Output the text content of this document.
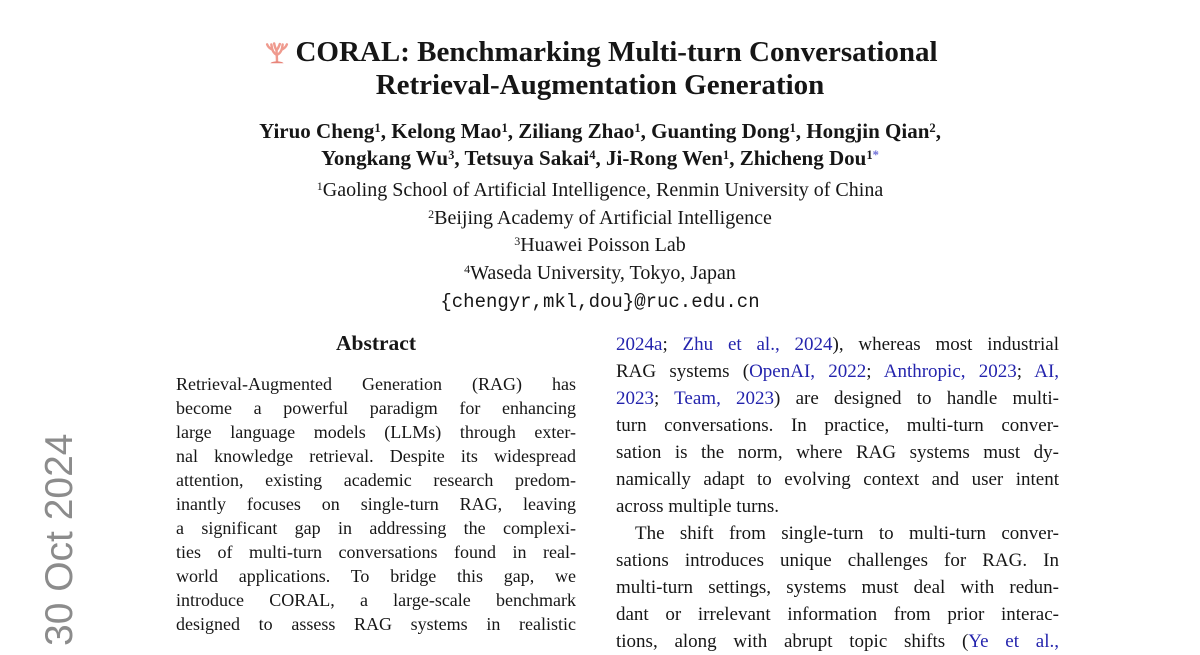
30 Oct 2024
CORAL: Benchmarking Multi-turn Conversational
Retrieval-Augmentation Generation
Yiruo Cheng$^1$, Kelong Mao$^1$, Ziliang Zhao$^1$, Guanting Dong$^1$, Hongjin Qian$^2$,
Yongkang Wu$^3$, Tetsuya Sakai$^4$, Ji-Rong Wen$^1$, Zhicheng Dou$^{1*}$
$^1$Gaoling School of Artificial Intelligence, Renmin University of China
$^2$Beijing Academy of Artificial Intelligence
$^3$Huawei Poisson Lab
$^4$Waseda University, Tokyo, Japan
{chengyr,mkl,dou}@ruc.edu.cn
Abstract
Retrieval-Augmented Generation (RAG) has
become a powerful paradigm for enhancing
large language models (LLMs) through exter-
nal knowledge retrieval. Despite its widespread
attention, existing academic research predom-
inantly focuses on single-turn RAG, leaving
a significant gap in addressing the complexi-
ties of multi-turn conversations found in real-
world applications. To bridge this gap, we
introduce CORAL, a large-scale benchmark
designed to assess RAG systems in realistic
2024a; Zhu et al., 2024), whereas most industrial
RAG systems (OpenAI, 2022; Anthropic, 2023; AI,
2023; Team, 2023) are designed to handle multi-
turn conversations. In practice, multi-turn conver-
sation is the norm, where RAG systems must dy-
namically adapt to evolving context and user intent
across multiple turns.
The shift from single-turn to multi-turn conver-
sations introduces unique challenges for RAG. In
multi-turn settings, systems must deal with redun-
dant or irrelevant information from prior interac-
tions, along with abrupt topic shifts (Ye et al.,
